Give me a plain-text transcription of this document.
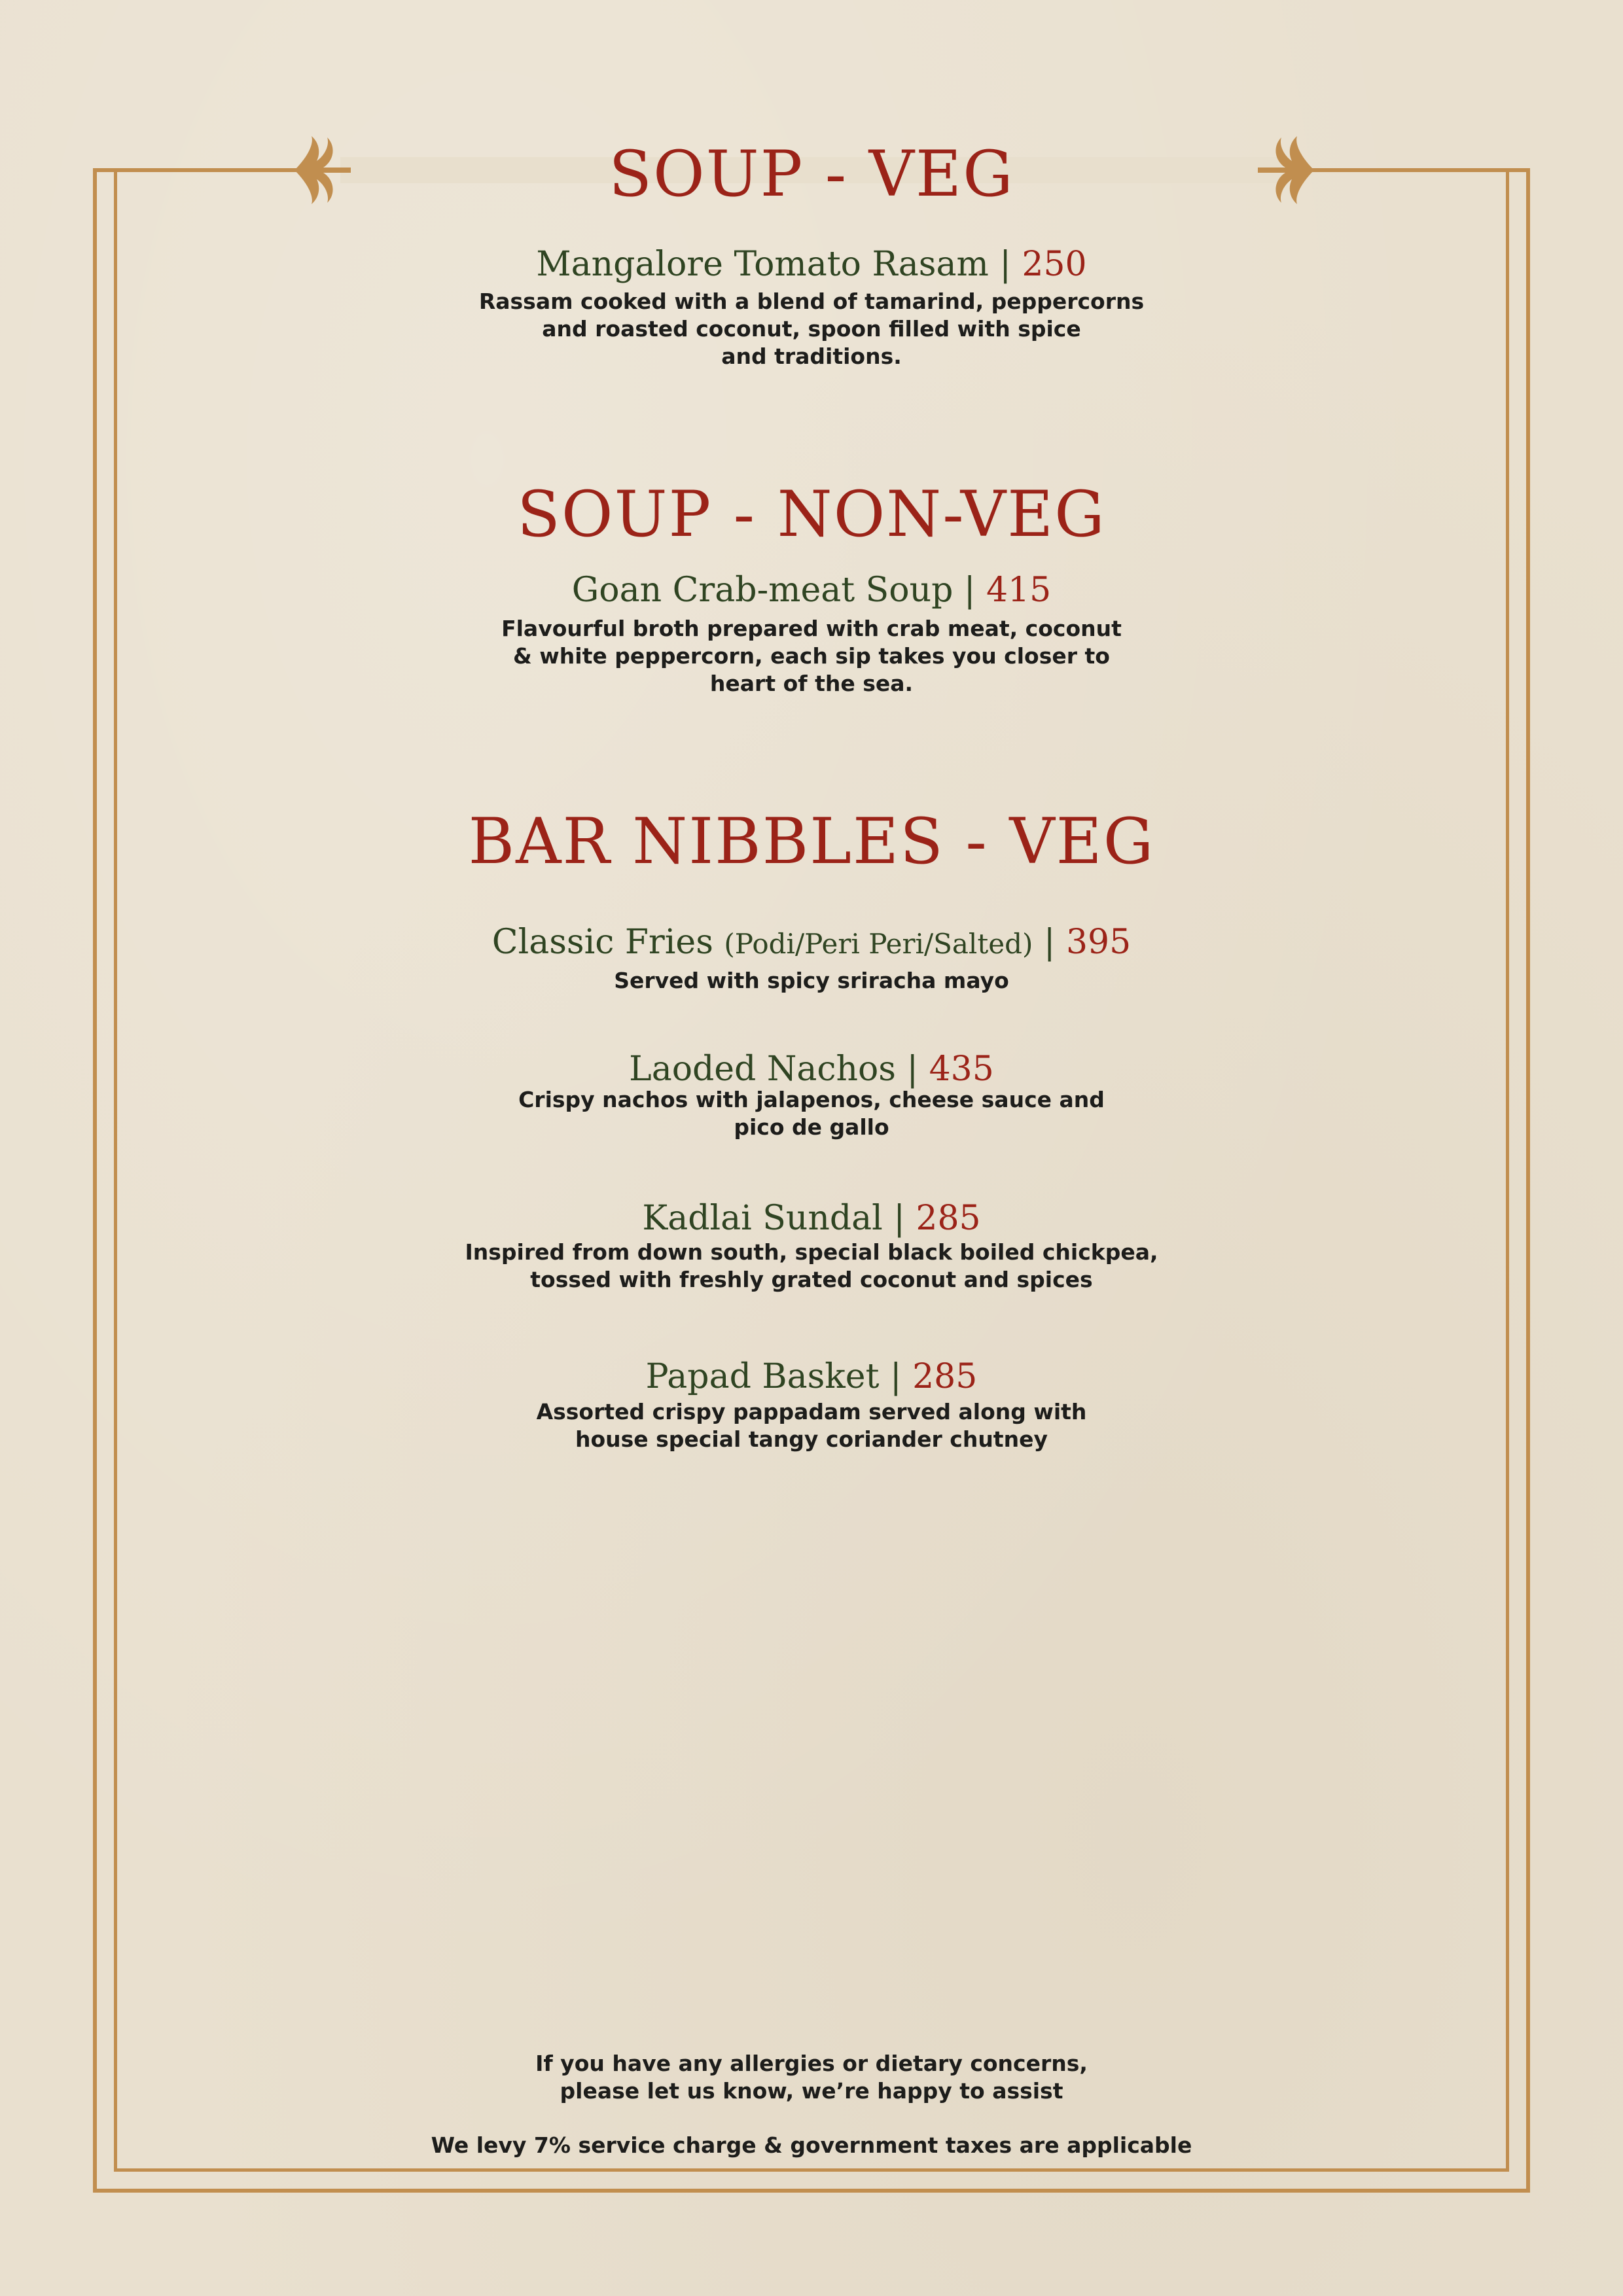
SOUP - VEG
Mangalore Tomato Rasam | 250
Rassam cooked with a blend of tamarind, peppercorns
and roasted coconut, spoon filled with spice
and traditions.
SOUP - NON-VEG
Goan Crab-meat Soup | 415
Flavourful broth prepared with crab meat, coconut
& white peppercorn, each sip takes you closer to
heart of the sea.
BAR NIBBLES - VEG
Classic Fries (Podi/Peri Peri/Salted) | 395
Served with spicy sriracha mayo
Laoded Nachos | 435
Crispy nachos with jalapenos, cheese sauce and
pico de gallo
Kadlai Sundal | 285
Inspired from down south, special black boiled chickpea,
tossed with freshly grated coconut and spices
Papad Basket | 285
Assorted crispy pappadam served along with
house special tangy coriander chutney
If you have any allergies or dietary concerns,
please let us know, we’re happy to assist
We levy 7% service charge & government taxes are applicable
